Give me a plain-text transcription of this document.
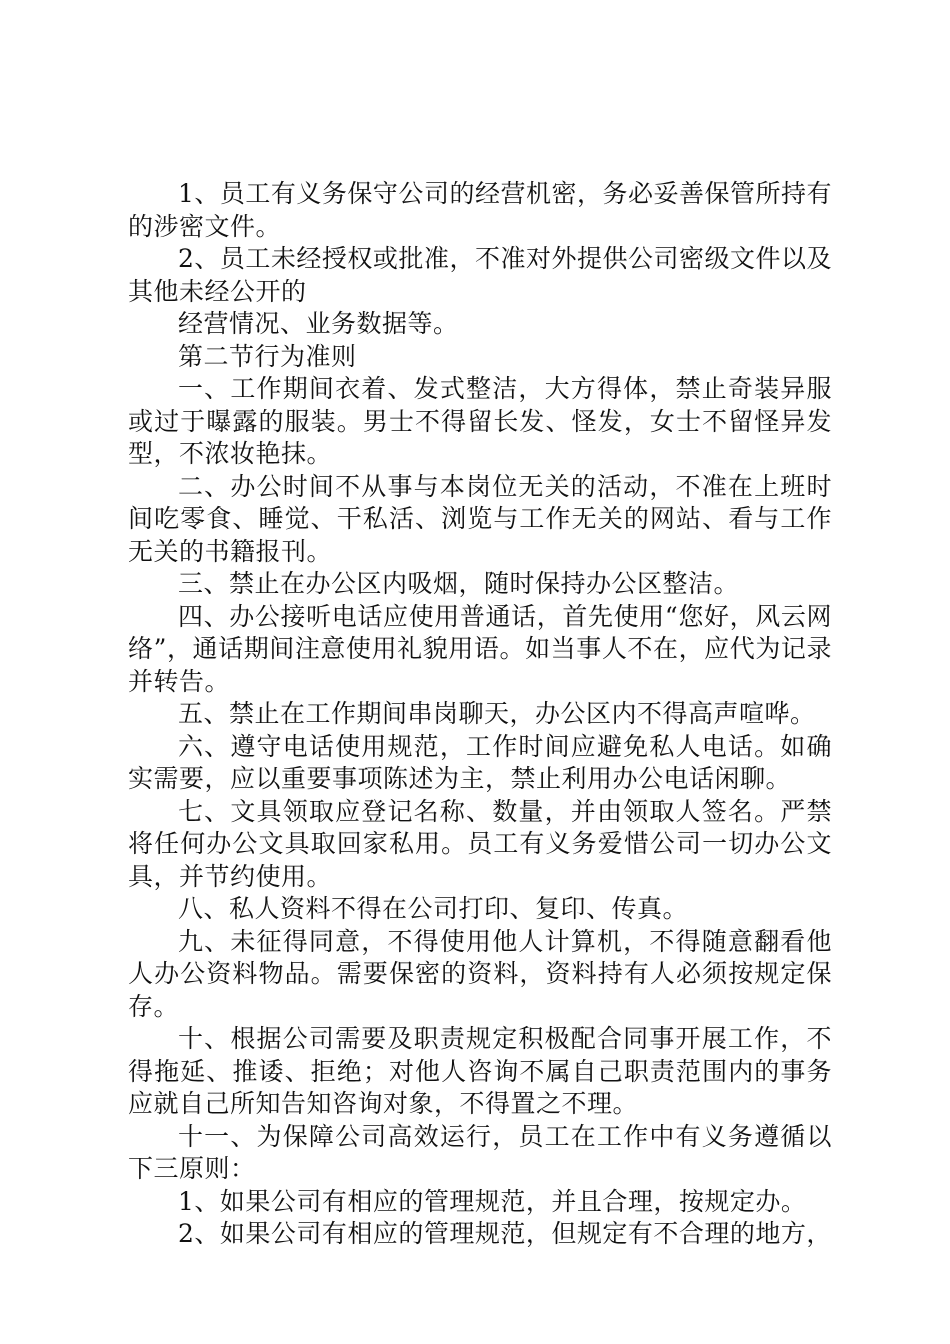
1、员工有义务保守公司的经营机密，务必妥善保管所持有的涉密文件。

2、员工未经授权或批准，不准对外提供公司密级文件以及其他未经公开的

经营情况、业务数据等。

第二节行为准则

一、工作期间衣着、发式整洁，大方得体，禁止奇装异服或过于曝露的服装。男士不得留长发、怪发，女士不留怪异发型，不浓妆艳抹。

二、办公时间不从事与本岗位无关的活动，不准在上班时间吃零食、睡觉、干私活、浏览与工作无关的网站、看与工作无关的书籍报刊。

三、禁止在办公区内吸烟，随时保持办公区整洁。

四、办公接听电话应使用普通话，首先使用“您好，风云网络”，通话期间注意使用礼貌用语。如当事人不在，应代为记录并转告。

五、禁止在工作期间串岗聊天，办公区内不得高声喧哗。

六、遵守电话使用规范，工作时间应避免私人电话。如确实需要，应以重要事项陈述为主，禁止利用办公电话闲聊。

七、文具领取应登记名称、数量，并由领取人签名。严禁将任何办公文具取回家私用。员工有义务爱惜公司一切办公文具，并节约使用。

八、私人资料不得在公司打印、复印、传真。

九、未征得同意，不得使用他人计算机，不得随意翻看他人办公资料物品。需要保密的资料，资料持有人必须按规定保存。

十、根据公司需要及职责规定积极配合同事开展工作，不得拖延、推诿、拒绝；对他人咨询不属自己职责范围内的事务应就自己所知告知咨询对象，不得置之不理。

十一、为保障公司高效运行，员工在工作中有义务遵循以下三原则：

1、如果公司有相应的管理规范，并且合理，按规定办。

2、如果公司有相应的管理规范，但规定有不合理的地方，
